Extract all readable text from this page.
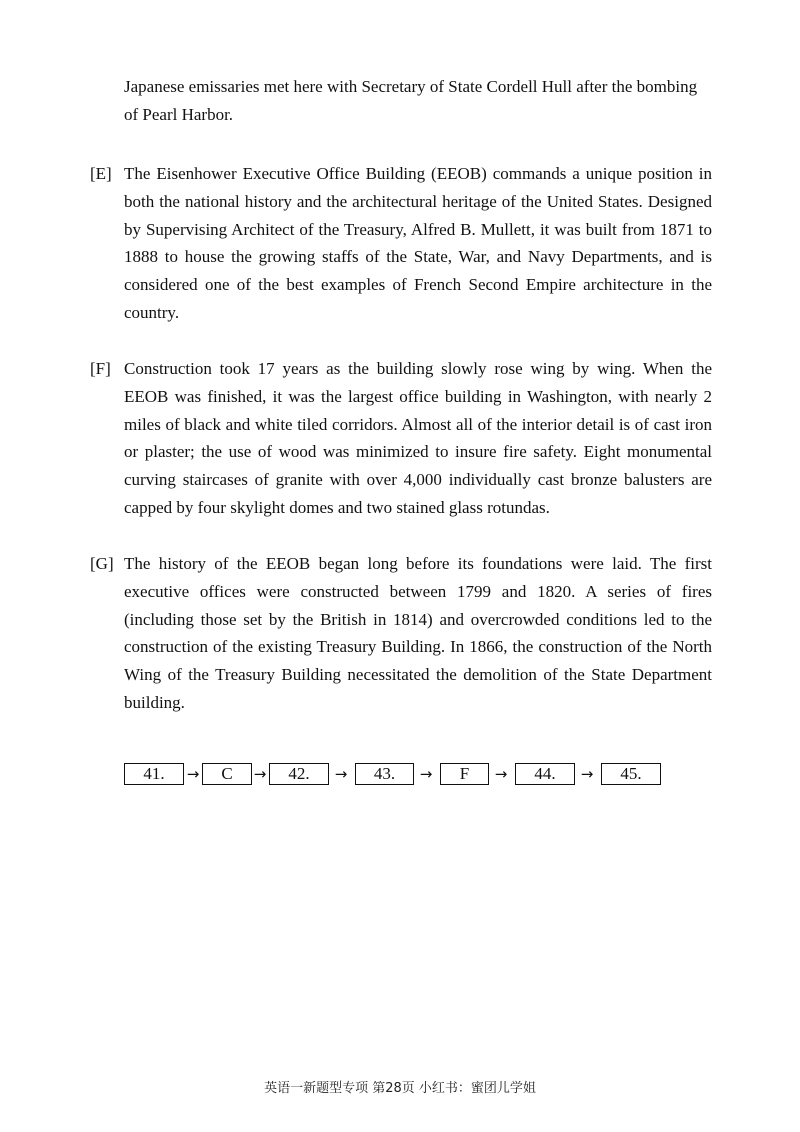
Japanese emissaries met here with Secretary of State Cordell Hull after the bombing of Pearl Harbor.
[E] The Eisenhower Executive Office Building (EEOB) commands a unique position in both the national history and the architectural heritage of the United States. Designed by Supervising Architect of the Treasury, Alfred B. Mullett, it was built from 1871 to 1888 to house the growing staffs of the State, War, and Navy Departments, and is considered one of the best examples of French Second Empire architecture in the country.
[F] Construction took 17 years as the building slowly rose wing by wing. When the EEOB was finished, it was the largest office building in Washington, with nearly 2 miles of black and white tiled corridors. Almost all of the interior detail is of cast iron or plaster; the use of wood was minimized to insure fire safety. Eight monumental curving staircases of granite with over 4,000 individually cast bronze balusters are capped by four skylight domes and two stained glass rotundas.
[G] The history of the EEOB began long before its foundations were laid. The first executive offices were constructed between 1799 and 1820. A series of fires (including those set by the British in 1814) and overcrowded conditions led to the construction of the existing Treasury Building. In 1866, the construction of the North Wing of the Treasury Building necessitated the demolition of the State Department building.
41.	→	C	→	42.	→	43.	→	F	→	44.	→	45.
英语一新题型专项 第28页 小红书：蜜团儿学姐
